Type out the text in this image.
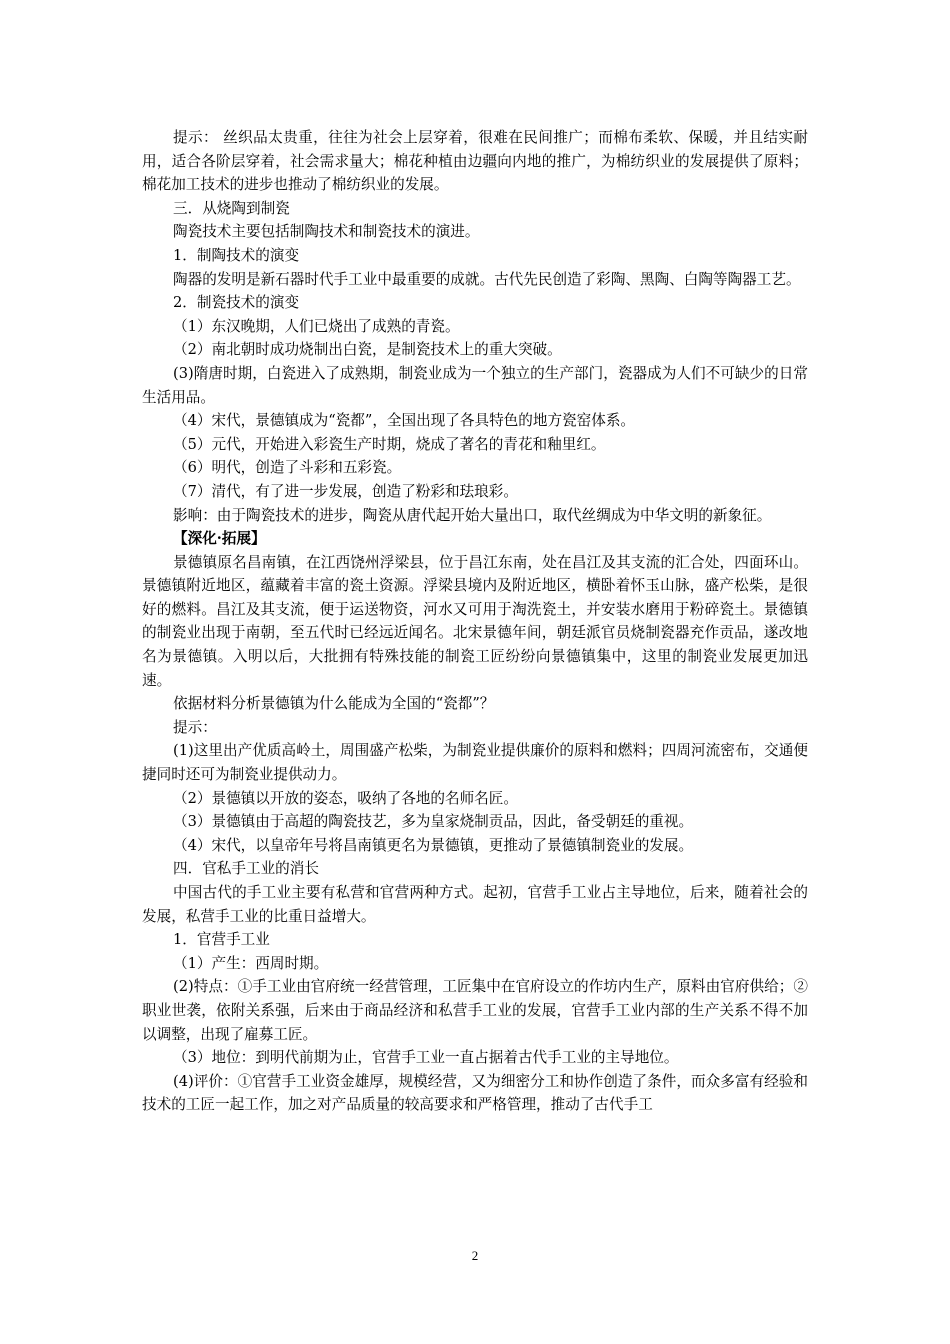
提示： 丝织品太贵重，往往为社会上层穿着，很难在民间推广；而棉布柔软、保暖，并且结实耐用，适合各阶层穿着，社会需求量大；棉花种植由边疆向内地的推广，为棉纺织业的发展提供了原料；棉花加工技术的进步也推动了棉纺织业的发展。

三．从烧陶到制瓷

陶瓷技术主要包括制陶技术和制瓷技术的演进。

1．制陶技术的演变

陶器的发明是新石器时代手工业中最重要的成就。古代先民创造了彩陶、黑陶、白陶等陶器工艺。

2．制瓷技术的演变

（1）东汉晚期，人们已烧出了成熟的青瓷。

（2）南北朝时成功烧制出白瓷，是制瓷技术上的重大突破。

(3)隋唐时期，白瓷进入了成熟期，制瓷业成为一个独立的生产部门，瓷器成为人们不可缺少的日常生活用品。

（4）宋代，景德镇成为“瓷都”，全国出现了各具特色的地方瓷窑体系。

（5）元代，开始进入彩瓷生产时期，烧成了著名的青花和釉里红。

（6）明代，创造了斗彩和五彩瓷。

（7）清代，有了进一步发展，创造了粉彩和珐琅彩。

影响：由于陶瓷技术的进步，陶瓷从唐代起开始大量出口，取代丝绸成为中华文明的新象征。

【深化·拓展】

景德镇原名昌南镇，在江西饶州浮梁县，位于昌江东南，处在昌江及其支流的汇合处，四面环山。景德镇附近地区，蕴藏着丰富的瓷土资源。浮梁县境内及附近地区，横卧着怀玉山脉，盛产松柴，是很好的燃料。昌江及其支流，便于运送物资，河水又可用于淘洗瓷土，并安装水磨用于粉碎瓷土。景德镇的制瓷业出现于南朝，至五代时已经远近闻名。北宋景德年间，朝廷派官员烧制瓷器充作贡品，遂改地名为景德镇。入明以后，大批拥有特殊技能的制瓷工匠纷纷向景德镇集中，这里的制瓷业发展更加迅速。

依据材料分析景德镇为什么能成为全国的“瓷都”？

提示：

(1)这里出产优质高岭土，周围盛产松柴，为制瓷业提供廉价的原料和燃料；四周河流密布，交通便捷同时还可为制瓷业提供动力。

（2）景德镇以开放的姿态，吸纳了各地的名师名匠。

（3）景德镇由于高超的陶瓷技艺，多为皇家烧制贡品，因此，备受朝廷的重视。

（4）宋代，以皇帝年号将昌南镇更名为景德镇，更推动了景德镇制瓷业的发展。

四．官私手工业的消长

中国古代的手工业主要有私营和官营两种方式。起初，官营手工业占主导地位，后来，随着社会的发展，私营手工业的比重日益增大。

1．官营手工业

（1）产生：西周时期。

(2)特点：①手工业由官府统一经营管理，工匠集中在官府设立的作坊内生产，原料由官府供给；②职业世袭，依附关系强，后来由于商品经济和私营手工业的发展，官营手工业内部的生产关系不得不加以调整，出现了雇募工匠。

（3）地位：到明代前期为止，官营手工业一直占据着古代手工业的主导地位。

(4)评价：①官营手工业资金雄厚，规模经营，又为细密分工和协作创造了条件，而众多富有经验和技术的工匠一起工作，加之对产品质量的较高要求和严格管理，推动了古代手工

2
